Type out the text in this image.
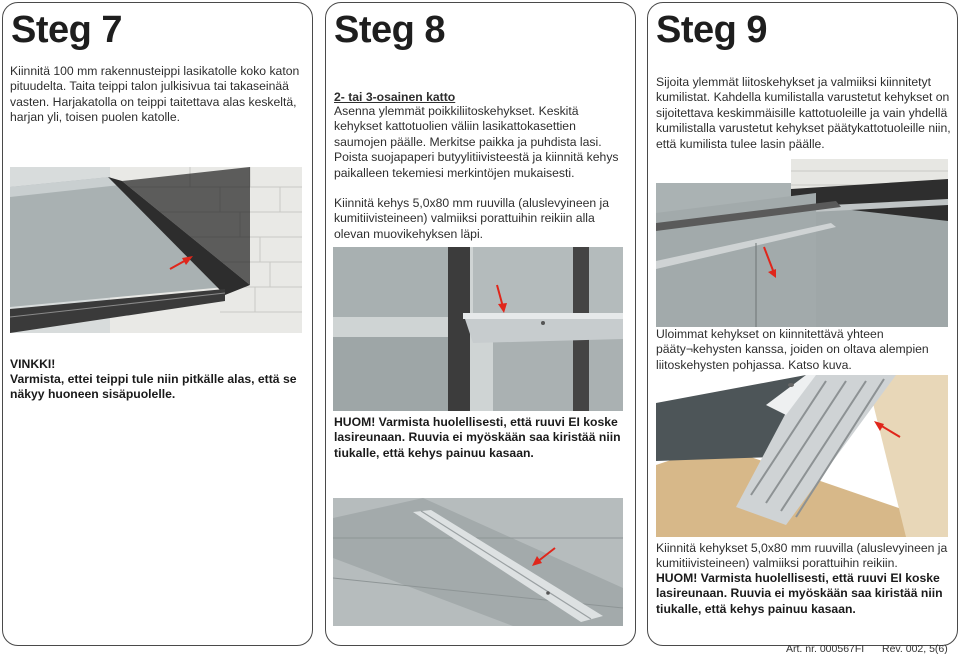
Steg 7
Kiinnitä 100 mm rakennusteippi lasikatolle koko katon pituudelta. Taita teippi talon julkisivua tai takaseinää vasten. Harjakatolla on teippi taitettava alas keskeltä, harjan yli, toisen puolen katolle.
VINKKI!
Varmista, ettei teippi tule niin pitkälle alas, että se näkyy huoneen sisäpuolelle.
Steg 8
2- tai 3-osainen katto
Asenna ylemmät poikkiliitoskehykset. Keskitä kehykset kattotuolien väliin lasikattokasettien saumojen päälle. Merkitse paikka ja puhdista lasi. Poista suojapaperi butyylitiivisteestä ja kiinnitä kehys paikalleen tekemiesi merkintöjen mukaisesti.
Kiinnitä kehys 5,0x80 mm ruuvilla (aluslevyineen ja kumitiivisteineen) valmiiksi porattuihin reikiin alla olevan muovikehyksen läpi.
HUOM! Varmista huolellisesti, että ruuvi EI koske lasireunaan. Ruuvia ei myöskään saa kiristää niin tiukalle, että kehys painuu kasaan.
Steg 9
Sijoita ylemmät liitoskehykset ja valmiiksi kiinnitetyt kumilistat. Kahdella kumilistalla varustetut kehykset on sijoitettava keskimmäisille kattotuoleille ja vain yhdellä kumilistalla varustetut kehykset päätykattotuoleille niin, että kumilista tulee lasin päälle.
Uloimmat kehykset on kiinnitettävä yhteen pääty¬kehysten kanssa, joiden on oltava alempien liitoskehysten pohjassa. Katso kuva.
Kiinnitä kehykset 5,0x80 mm ruuvilla (aluslevyineen ja kumitiivisteineen) valmiiksi porattuihin reikiin.
HUOM! Varmista huolellisesti, että ruuvi EI koske lasireunaan. Ruuvia ei myöskään saa kiristää niin tiukalle, että kehys painuu kasaan.
Art. nr. 000567FI Rev. 002, 5(6)
